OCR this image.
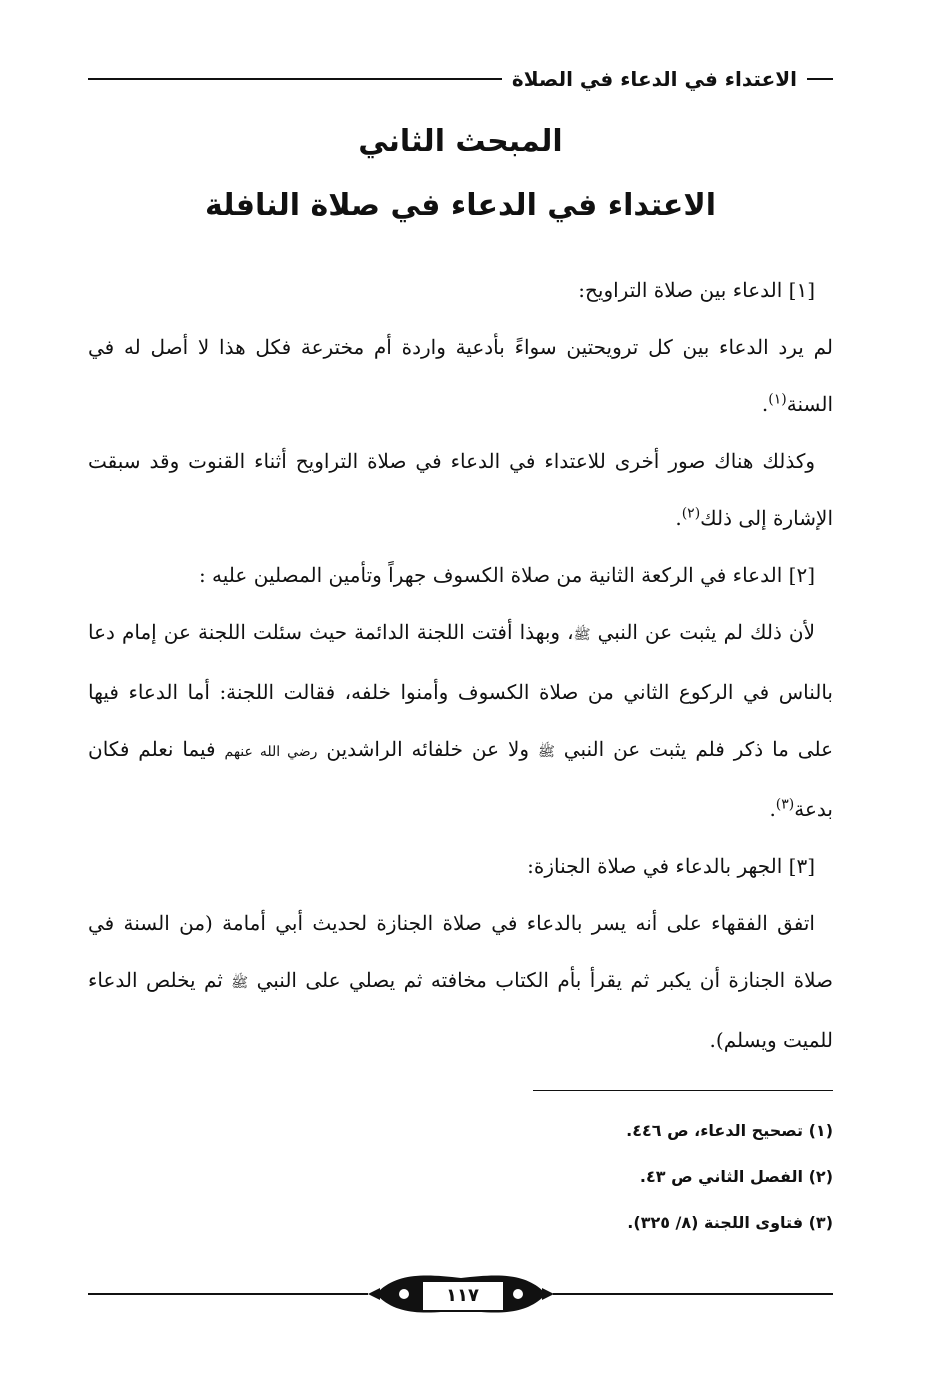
الاعتداء في الدعاء في الصلاة
المبحث الثاني
الاعتداء في الدعاء في صلاة النافلة

[١] الدعاء بين صلاة التراويح:

لم يرد الدعاء بين كل ترويحتين سواءً بأدعية واردة أم مخترعة فكل هذا لا أصل له في السنة$^{(١)}$.

وكذلك هناك صور أخرى للاعتداء في الدعاء في صلاة التراويح أثناء القنوت وقد سبقت الإشارة إلى ذلك$^{(٢)}$.

[٢] الدعاء في الركعة الثانية من صلاة الكسوف جهراً وتأمين المصلين عليه :

لأن ذلك لم يثبت عن النبي ﷺ، وبهذا أفتت اللجنة الدائمة حيث سئلت اللجنة عن إمام دعا بالناس في الركوع الثاني من صلاة الكسوف وأمنوا خلفه، فقالت اللجنة: أما الدعاء فيها على ما ذكر فلم يثبت عن النبي ﷺ ولا عن خلفائه الراشدين رضي الله عنهم فيما نعلم فكان بدعة$^{(٣)}$.

[٣] الجهر بالدعاء في صلاة الجنازة:

اتفق الفقهاء على أنه يسر بالدعاء في صلاة الجنازة لحديث أبي أمامة (من السنة في صلاة الجنازة أن يكبر ثم يقرأ بأم الكتاب مخافته ثم يصلي على النبي ﷺ ثم يخلص الدعاء للميت ويسلم).

(١) تصحيح الدعاء، ص ٤٤٦.

(٢) الفصل الثاني ص ٤٣.

(٣) فتاوى اللجنة (٨/ ٣٢٥).

١١٧
